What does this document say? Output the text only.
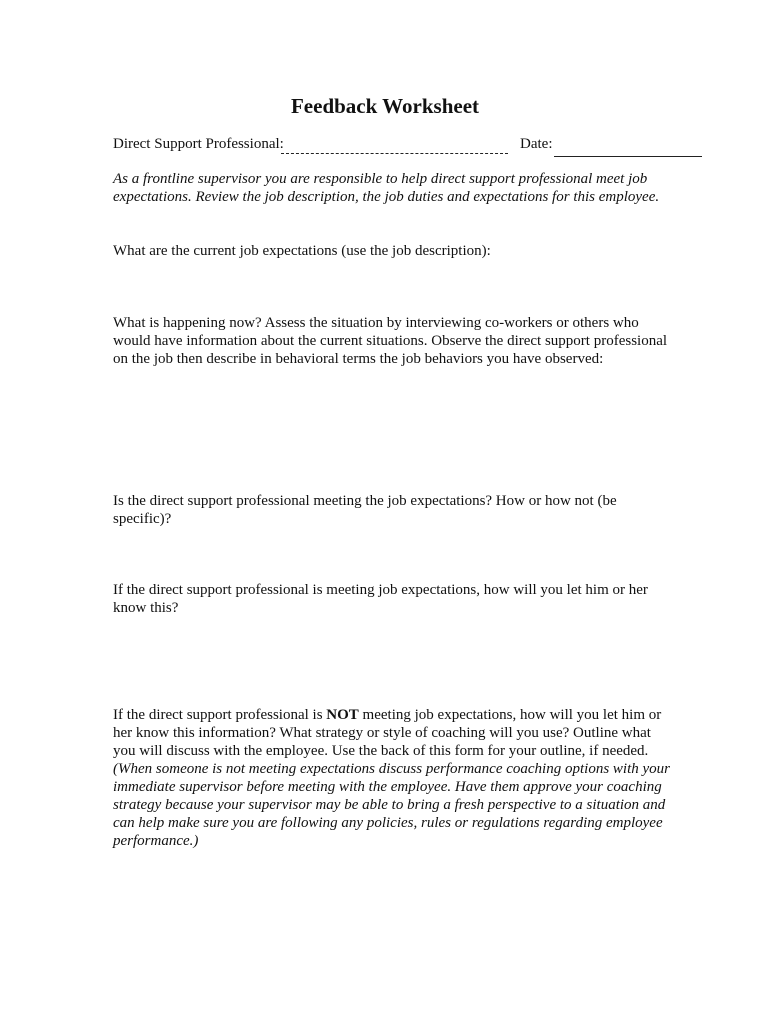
Feedback Worksheet
Direct Support Professional:	Date:

As a frontline supervisor you are responsible to help direct support professional meet job expectations. Review the job description, the job duties and expectations for this employee.

What are the current job expectations (use the job description):

What is happening now? Assess the situation by interviewing co-workers or others who would have information about the current situations. Observe the direct support professional on the job then describe in behavioral terms the job behaviors you have observed:

Is the direct support professional meeting the job expectations? How or how not (be specific)?

If the direct support professional is meeting job expectations, how will you let him or her know this?

If the direct support professional is NOT meeting job expectations, how will you let him or her know this information? What strategy or style of coaching will you use? Outline what you will discuss with the employee. Use the back of this form for your outline, if needed. (When someone is not meeting expectations discuss performance coaching options with your immediate supervisor before meeting with the employee. Have them approve your coaching strategy because your supervisor may be able to bring a fresh perspective to a situation and can help make sure you are following any policies, rules or regulations regarding employee performance.)
